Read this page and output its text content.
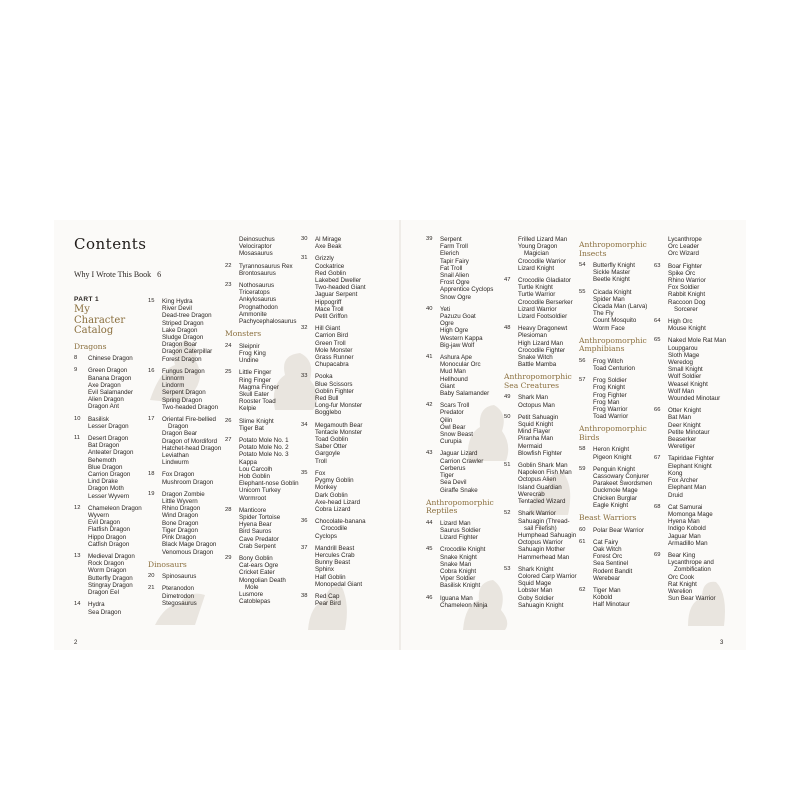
Contents
Why I Wrote This Book 6
PART 1
My Character
Catalog
Dragons
8	Chinese Dragon
9	Green Dragon
Banana Dragon
Axe Dragon
Evil Salamander
Alien Dragon
Dragon Ant
10	Basilisk
Lesser Dragon
11	Desert Dragon
Bat Dragon
Anteater Dragon
Behemoth
Blue Dragon
Carrion Dragon
Lind Drake
Dragon Moth
Lesser Wyvern
12	Chameleon Dragon
Wyvern
Evil Dragon
Flatfish Dragon
Hippo Dragon
Catfish Dragon
13	Medieval Dragon
Rock Dragon
Worm Dragon
Butterfly Dragon
Stingray Dragon
Dragon Eel
14	Hydra
Sea Dragon
15	King Hydra
River Devil
Dead-tree Dragon
Striped Dragon
Lake Dragon
Sludge Dragon
Dragon Boar
Dragon Caterpillar
Forest Dragon
16	Fungus Dragon
Linnorm
Lindorm
Serpent Dragon
Spring Dragon
Two-headed Dragon
17	Oriental Fire-bellied
Dragon
Dragon Bear
Dragon of Mordiford
Hatchet-head Dragon
Leviathan
Lindwurm
18	Fox Dragon
Mushroom Dragon
19	Dragon Zombie
Little Wyvern
Rhino Dragon
Wind Dragon
Bone Dragon
Tiger Dragon
Pink Dragon
Black Mage Dragon
Venomous Dragon
Dinosaurs
20	Spinosaurus
21	Pteranodon
Dimetrodon
Stegosaurus
Deinosuchus
Velociraptor
Mosasaurus
22	Tyrannosaurus Rex
Brontosaurus
23	Nothosaurus
Triceratops
Ankylosaurus
Prognathodon
Ammonite
Pachycephalosaurus
Monsters
24	Sleipnir
Frog King
Undine
25	Little Finger
Ring Finger
Magma Finger
Skull Eater
Rooster Toad
Kelpie
26	Slime Knight
Tiger Bat
27	Potato Mole No. 1
Potato Mole No. 2
Potato Mole No. 3
Kappa
Lou Carcolh
Hob Goblin
Elephant-nose Goblin
Unicorn Turkey
Wormroot
28	Manticore
Spider Tortoise
Hyena Bear
Bird Sauros
Cave Predator
Crab Serpent
29	Bony Goblin
Cat-ears Ogre
Cricket Eater
Mongolian Death
Mole
Lusmore
Catoblepas
30	Al Mirage
Axe Beak
31	Grizzly
Cockatrice
Red Goblin
Lakebed Dweller
Two-headed Giant
Jaguar Serpent
Hippogriff
Mace Troll
Petit Griffon
32	Hill Giant
Carrion Bird
Green Troll
Mole Monster
Grass Runner
Chupacabra
33	Pooka
Blue Scissors
Goblin Fighter
Red Bull
Long-fur Monster
Bogglebo
34	Megamouth Bear
Tentacle Monster
Toad Goblin
Saber Otter
Gargoyle
Troll
35	Fox
Pygmy Goblin
Monkey
Dark Goblin
Axe-head Lizard
Cobra Lizard
36	Chocolate-banana
Crocodile
Cyclops
37	Mandrill Beast
Hercules Crab
Bunny Beast
Sphinx
Half Goblin
Monopedal Giant
38	Red Cap
Pear Bird
39	Serpent
Farm Troll
Elerich
Tapir Fairy
Fat Troll
Snail Alien
Frost Ogre
Apprentice Cyclops
Snow Ogre
40	Yeti
Pazuzu Goat
Ogre
High Ogre
Western Kappa
Big-jaw Wolf
41	Ashura Ape
Monocular Orc
Mud Man
Hellhound
Giant
Baby Salamander
42	Scars Troll
Predator
Qilin
Owl Bear
Snow Beast
Curupia
43	Jaguar Lizard
Carrion Crawler
Cerberus
Tiger
Sea Devil
Giraffe Snake
Anthropomorphic Reptiles
44	Lizard Man
Saurus Soldier
Lizard Fighter
45	Crocodile Knight
Snake Knight
Snake Man
Cobra Knight
Viper Soldier
Basilisk Knight
46	Iguana Man
Chameleon Ninja
Frilled Lizard Man
Young Dragon
Magician
Crocodile Warrior
Lizard Knight
47	Crocodile Gladiator
Turtle Knight
Turtle Warrior
Crocodile Berserker
Lizard Warrior
Lizard Footsoldier
48	Heavy Dragonewt
Plesioman
High Lizard Man
Crocodile Fighter
Snake Witch
Battle Mamba
Anthropomorphic Sea Creatures
49	Shark Man
Octopus Man
50	Petit Sahuagin
Squid Knight
Mind Flayer
Piranha Man
Mermaid
Blowfish Fighter
51	Goblin Shark Man
Napoleon Fish Man
Octopus Alien
Island Guardian
Werecrab
Tentacled Wizard
52	Shark Warrior
Sahuagin (Thread-
sail Filefish)
Humphead Sahuagin
Octopus Warrior
Sahuagin Mother
Hammerhead Man
53	Shark Knight
Colored Carp Warrior
Squid Mage
Lobster Man
Goby Soldier
Sahuagin Knight
Anthropomorphic Insects
54	Butterfly Knight
Sickle Master
Beetle Knight
55	Cicada Knight
Spider Man
Cicada Man (Larva)
The Fly
Count Mosquito
Worm Face
Anthropomorphic Amphibians
56	Frog Witch
Toad Centurion
57	Frog Soldier
Frog Knight
Frog Fighter
Frog Man
Frog Warrior
Toad Warrior
Anthropomorphic Birds
58	Heron Knight
Pigeon Knight
59	Penguin Knight
Cassowary Conjurer
Parakeet Swordsmen
Duckmole Mage
Chicken Burglar
Eagle Knight
Beast Warriors
60	Polar Bear Warrior
61	Cat Fairy
Oak Witch
Forest Orc
Sea Sentinel
Rodent Bandit
Werebear
62	Tiger Man
Kobold
Half Minotaur
Lycanthrope
Orc Leader
Orc Wizard
63	Boar Fighter
Spike Orc
Rhino Warrior
Fox Soldier
Rabbit Knight
Raccoon Dog
Sorcerer
64	High Orc
Mouse Knight
65	Naked Mole Rat Man
Loupgarou
Sloth Mage
Weredog
Small Knight
Wolf Soldier
Weasel Knight
Wolf Man
Wounded Minotaur
66	Otter Knight
Bat Man
Deer Knight
Petite Minotaur
Beaserker
Weretiger
67	Tapiridae Fighter
Elephant Knight
Kong
Fox Archer
Elephant Man
Druid
68	Cat Samurai
Momonga Mage
Hyena Man
Indigo Kobold
Jaguar Man
Armadillo Man
69	Bear King
Lycanthrope and
Zombification
Orc Cook
Rat Knight
Werelion
Sun Bear Warrior
2	3
